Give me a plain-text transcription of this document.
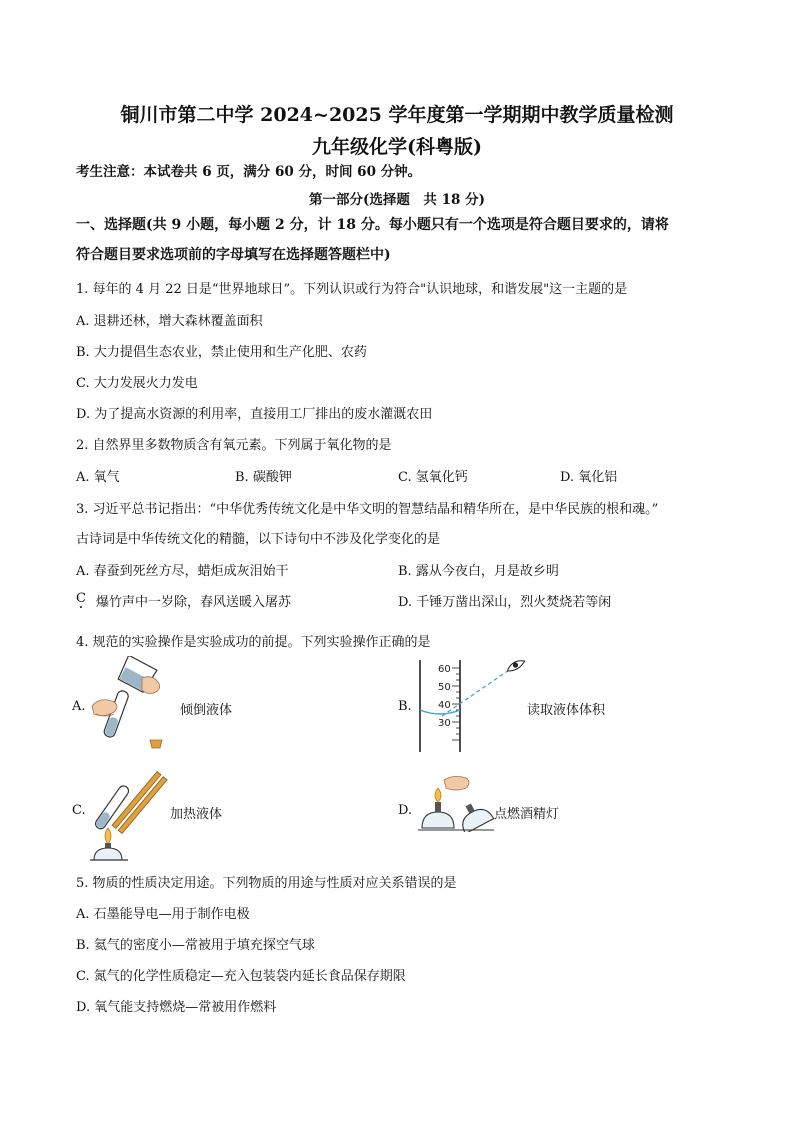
铜川市第二中学 2024~2025 学年度第一学期期中教学质量检测
九年级化学(科粤版)
考生注意：本试卷共 6 页，满分 60 分，时间 60 分钟。
第一部分(选择题　共 18 分)
一、选择题(共 9 小题，每小题 2 分，计 18 分。每小题只有一个选项是符合题目要求的，请将
符合题目要求选项前的字母填写在选择题答题栏中)
1. 每年的 4 月 22 日是“世界地球日”。下列认识或行为符合"认识地球，和谐发展"这一主题的是
A. 退耕还林，增大森林覆盖面积
B. 大力提倡生态农业，禁止使用和生产化肥、农药
C. 大力发展火力发电
D. 为了提高水资源的利用率，直接用工厂排出的废水灌溉农田
2. 自然界里多数物质含有氧元素。下列属于氧化物的是
A. 氧气	B. 碳酸钾	C. 氢氧化钙	D. 氧化铝
3. 习近平总书记指出：“中华优秀传统文化是中华文明的智慧结晶和精华所在，是中华民族的根和魂。”
古诗词是中华传统文化的精髓，以下诗句中不涉及化学变化的是
A. 春蚕到死丝方尽，蜡炬成灰泪始干	B. 露从今夜白，月是故乡明
C 爆竹声中一岁除，春风送暖入屠苏	D. 千锤万凿出深山，烈火焚烧若等闲
4. 规范的实验操作是实验成功的前提。下列实验操作正确的是
A.	倾倒液体	B.
60
50
40
30
读取液体体积
C.	加热液体	D.	点燃酒精灯
5. 物质的性质决定用途。下列物质的用途与性质对应关系错误的是
A. 石墨能导电—用于制作电极
B. 氦气的密度小—常被用于填充探空气球
C. 氮气的化学性质稳定—充入包装袋内延长食品保存期限
D. 氧气能支持燃烧—常被用作燃料
